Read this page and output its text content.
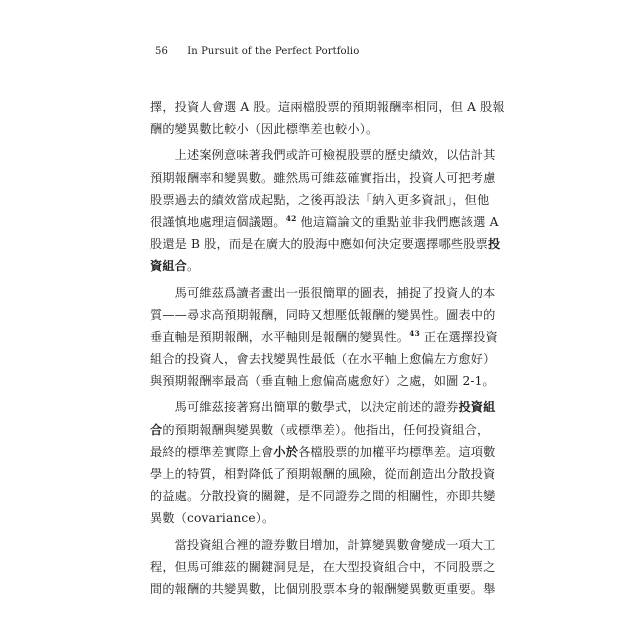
56 In Pursuit of the Perfect Portfolio
擇，投資人會選 A 股。這兩檔股票的預期報酬率相同，但 A 股報
酬的變異數比較小（因此標準差也較小）。
　　上述案例意味著我們或許可檢視股票的歷史績效，以估計其
預期報酬率和變異數。雖然馬可維茲確實指出，投資人可把考慮
股票過去的績效當成起點，之後再設法「納入更多資訊」，但他
很謹慎地處理這個議題。$^{42}$ 他這篇論文的重點並非我們應該選 A
股還是 B 股，而是在廣大的股海中應如何決定要選擇哪些股票投
資組合。
　　馬可維茲爲讀者畫出一張很簡單的圖表，捕捉了投資人的本
質——尋求高預期報酬，同時又想壓低報酬的變異性。圖表中的
垂直軸是預期報酬，水平軸則是報酬的變異性。$^{43}$ 正在選擇投資
組合的投資人，會去找變異性最低（在水平軸上愈偏左方愈好）
與預期報酬率最高（垂直軸上愈偏高處愈好）之處，如圖 2-1。
　　馬可維茲接著寫出簡單的數學式，以決定前述的證券投資組
合的預期報酬與變異數（或標準差）。他指出，任何投資組合，
最終的標準差實際上會小於各檔股票的加權平均標準差。這項數
學上的特質，相對降低了預期報酬的風險，從而創造出分散投資
的益處。分散投資的關鍵，是不同證券之間的相關性，亦即共變
異數（covariance）。
　　當投資組合裡的證券數目增加，計算變異數會變成一項大工
程，但馬可維茲的關鍵洞見是，在大型投資組合中，不同股票之
間的報酬的共變異數，比個別股票本身的報酬變異數更重要。舉
